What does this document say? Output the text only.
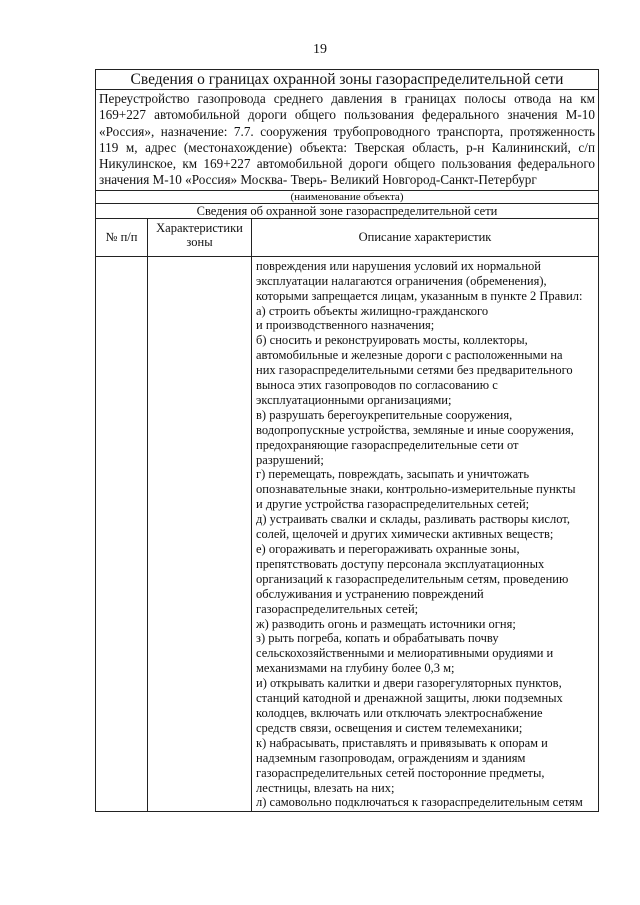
19
Сведения о границах охранной зоны газораспределительной сети
Переустройство газопровода среднего давления в границах полосы отвода на км 169+227 автомобильной дороги общего пользования федерального значения М-10 «Россия», назначение: 7.7. сооружения трубопроводного транспорта, протяженность 119 м, адрес (местонахождение) объекта: Тверская область, р-н Калининский, с/п Никулинское, км 169+227 автомобильной дороги общего пользования федерального значения М-10 «Россия» Москва- Тверь- Великий Новгород-Санкт-Петербург
(наименование объекта)
Сведения об охранной зоне газораспределительной сети
№ п/п
Характеристики зоны	Описание характеристик
повреждения или нарушения условий их нормальной
эксплуатации налагаются ограничения (обременения),
которыми запрещается лицам, указанным в пункте 2 Правил:
а) строить объекты жилищно-гражданского
и производственного назначения;
б) сносить и реконструировать мосты, коллекторы,
автомобильные и железные дороги с расположенными на
них газораспределительными сетями без предварительного
выноса этих газопроводов по согласованию с
эксплуатационными организациями;
в) разрушать берегоукрепительные сооружения,
водопропускные устройства, земляные и иные сооружения,
предохраняющие газораспределительные сети от
разрушений;
г) перемещать, повреждать, засыпать и уничтожать
опознавательные знаки, контрольно-измерительные пункты
и другие устройства газораспределительных сетей;
д) устраивать свалки и склады, разливать растворы кислот,
солей, щелочей и других химически активных веществ;
е) огораживать и перегораживать охранные зоны,
препятствовать доступу персонала эксплуатационных
организаций к газораспределительным сетям, проведению
обслуживания и устранению повреждений
газораспределительных сетей;
ж) разводить огонь и размещать источники огня;
з) рыть погреба, копать и обрабатывать почву
сельскохозяйственными и мелиоративными орудиями и
механизмами на глубину более 0,3 м;
и) открывать калитки и двери газорегуляторных пунктов,
станций катодной и дренажной защиты, люки подземных
колодцев, включать или отключать электроснабжение
средств связи, освещения и систем телемеханики;
к) набрасывать, приставлять и привязывать к опорам и
надземным газопроводам, ограждениям и зданиям
газораспределительных сетей посторонние предметы,
лестницы, влезать на них;
л) самовольно подключаться к газораспределительным сетям
